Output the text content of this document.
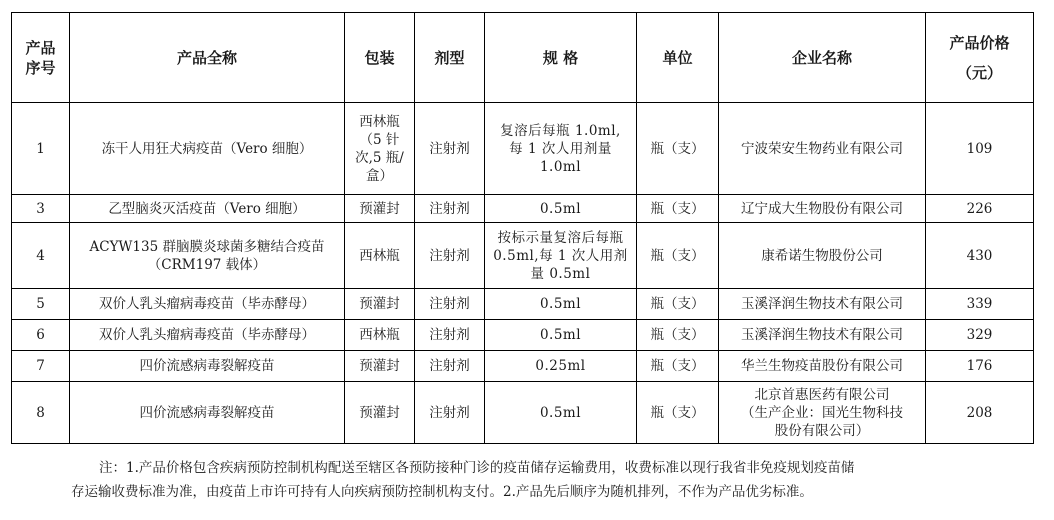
产品
序号	产品全称	包装	剂型	规 格	单位	企业名称	产品价格
（元）
1	冻干人用狂犬病疫苗（Vero 细胞）	西林瓶
（5 针
次,5 瓶/
盒）	注射剂	复溶后每瓶 1.0ml,
每 1 次人用剂量
1.0ml	瓶（支）	宁波荣安生物药业有限公司	109
3	乙型脑炎灭活疫苗（Vero 细胞）	预灌封	注射剂	0.5ml	瓶（支）	辽宁成大生物股份有限公司	226
4	ACYW135 群脑膜炎球菌多糖结合疫苗
（CRM197 载体）	西林瓶	注射剂	按标示量复溶后每瓶
0.5ml,每 1 次人用剂
量 0.5ml	瓶（支）	康希诺生物股份公司	430
5	双价人乳头瘤病毒疫苗（毕赤酵母）	预灌封	注射剂	0.5ml	瓶（支）	玉溪泽润生物技术有限公司	339
6	双价人乳头瘤病毒疫苗（毕赤酵母）	西林瓶	注射剂	0.5ml	瓶（支）	玉溪泽润生物技术有限公司	329
7	四价流感病毒裂解疫苗	预灌封	注射剂	0.25ml	瓶（支）	华兰生物疫苗股份有限公司	176
8	四价流感病毒裂解疫苗	预灌封	注射剂	0.5ml	瓶（支）	北京首惠医药有限公司
（生产企业：国光生物科技
股份有限公司）	208
注：1.产品价格包含疾病预防控制机构配送至辖区各预防接种门诊的疫苗储存运输费用，收费标准以现行我省非免疫规划疫苗储
存运输收费标准为准，由疫苗上市许可持有人向疾病预防控制机构支付。2.产品先后顺序为随机排列，不作为产品优劣标准。
